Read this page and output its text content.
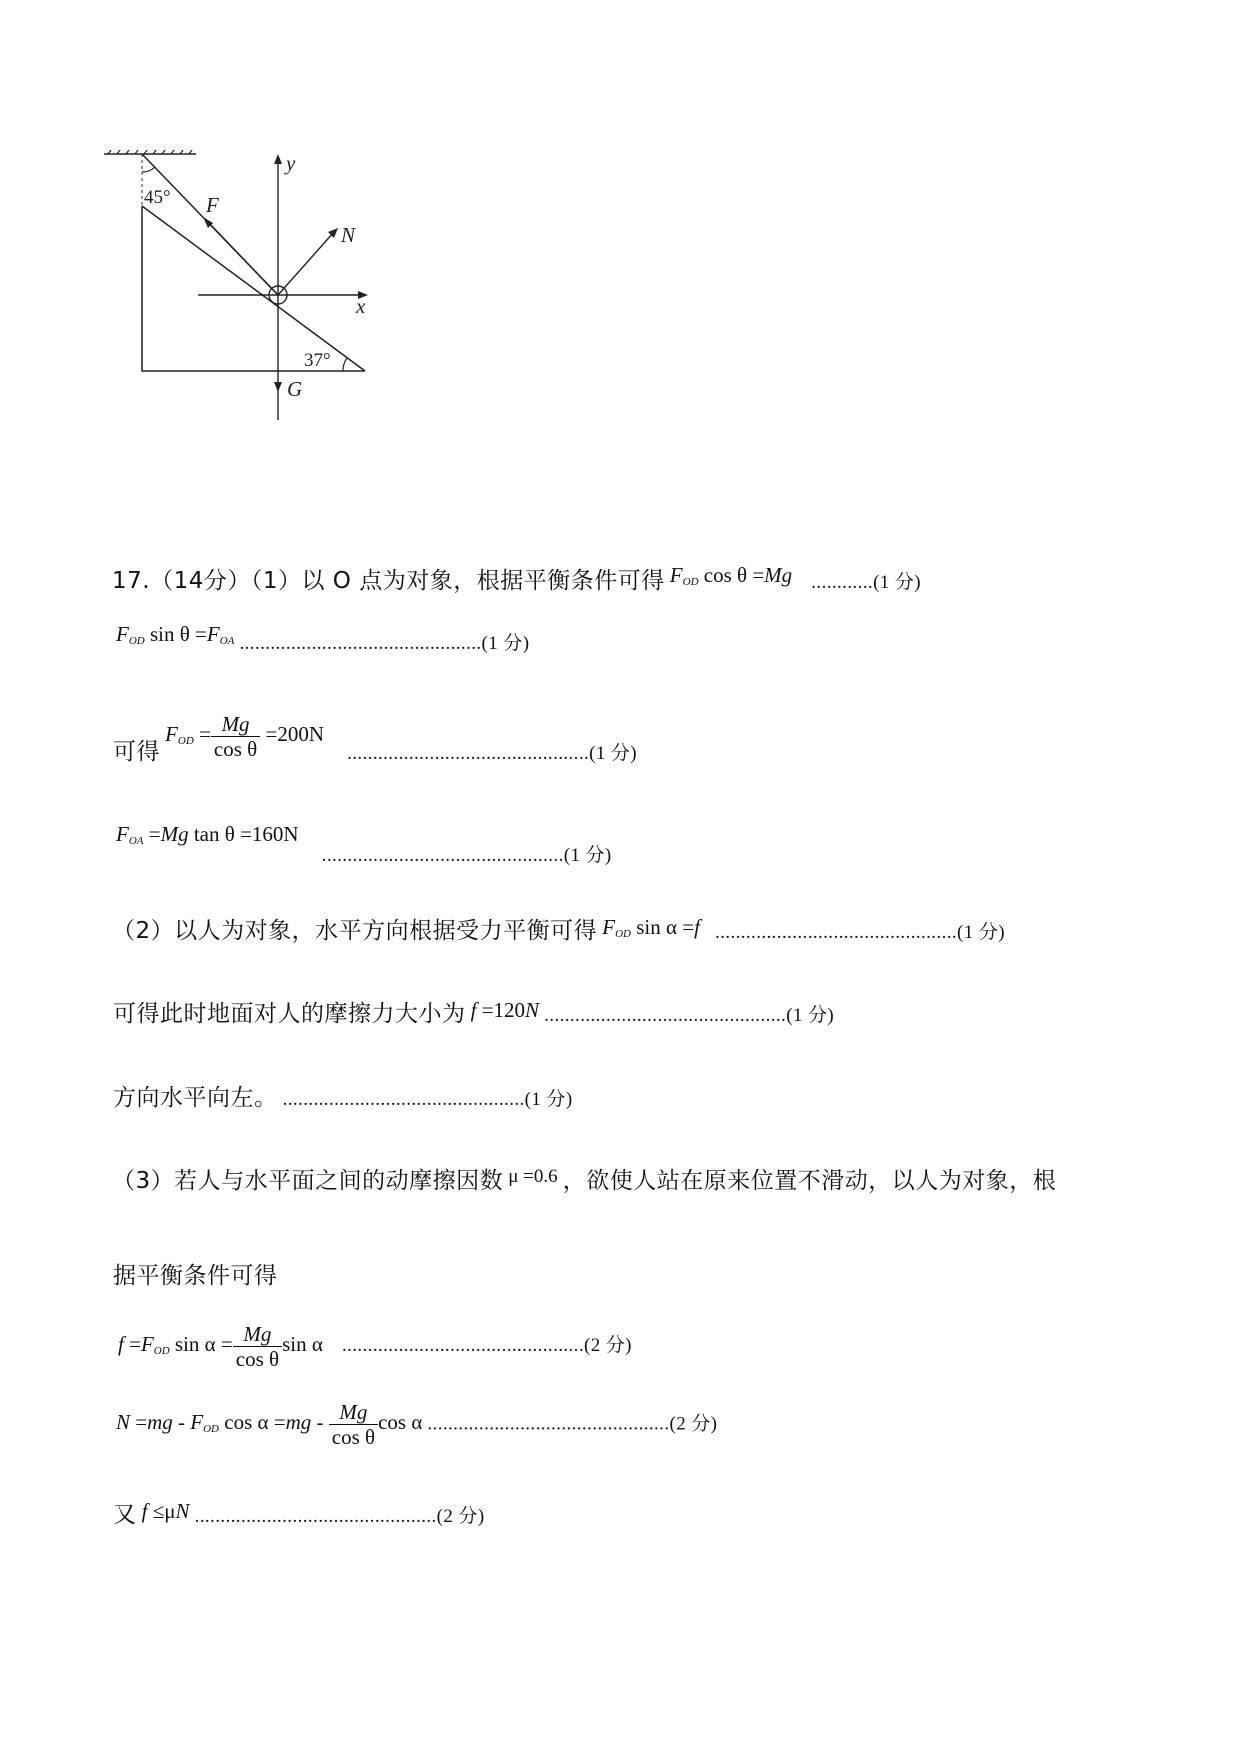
45°
37°
F
N
G
x
y
17.（14分）（1）以 O 点为对象，根据平衡条件可得 $F_{OD}$ cos θ =Mg ............(1 分)
$F_{OD}$ $\sin \theta =F_{OA}$ ...............................................(1 分)
可得 $F_{OD} = \frac{Mg}{\text{cos θ}} =200N$ ...............................................(1 分)
$F_{OA} =Mg$ tan θ =160N ...............................................(1 分)
（2）以人为对象，水平方向根据受力平衡可得 $F_{OD}$ sin α =f ...............................................(1 分)
可得此时地面对人的摩擦力大小为 f =120N ...............................................(1 分)
方向水平向左。 ...............................................(1 分)
（3）若人与水平面之间的动摩擦因数 μ =0.6 ，欲使人站在原来位置不滑动，以人为对象，根
据平衡条件可得
$f =F_{OD}$ $\sin \alpha = \frac{Mg}{\text{cos θ}}$ sin α ...............................................(2 分)
$N =mg - F_{OD}$ $\cos \alpha =mg - \frac{Mg}{\text{cos θ}}$ cos α ...............................................(2 分)
又 f ≤μN ...............................................(2 分)
